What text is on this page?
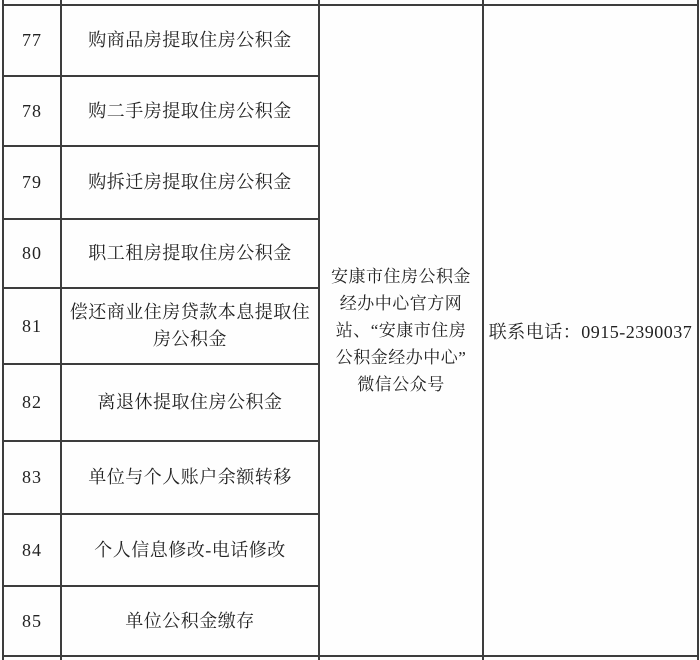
77	购商品房提取住房公积金	安康市住房公积金
经办中心官方网
站、“安康市住房
公积金经办中心”
微信公众号	联系电话：0915-2390037
78	购二手房提取住房公积金		
79	购拆迁房提取住房公积金		
80	职工租房提取住房公积金		
81	偿还商业住房贷款本息提取住房公积金		
82	离退休提取住房公积金		
83	单位与个人账户余额转移		
84	个人信息修改-电话修改		
85	单位公积金缴存		
